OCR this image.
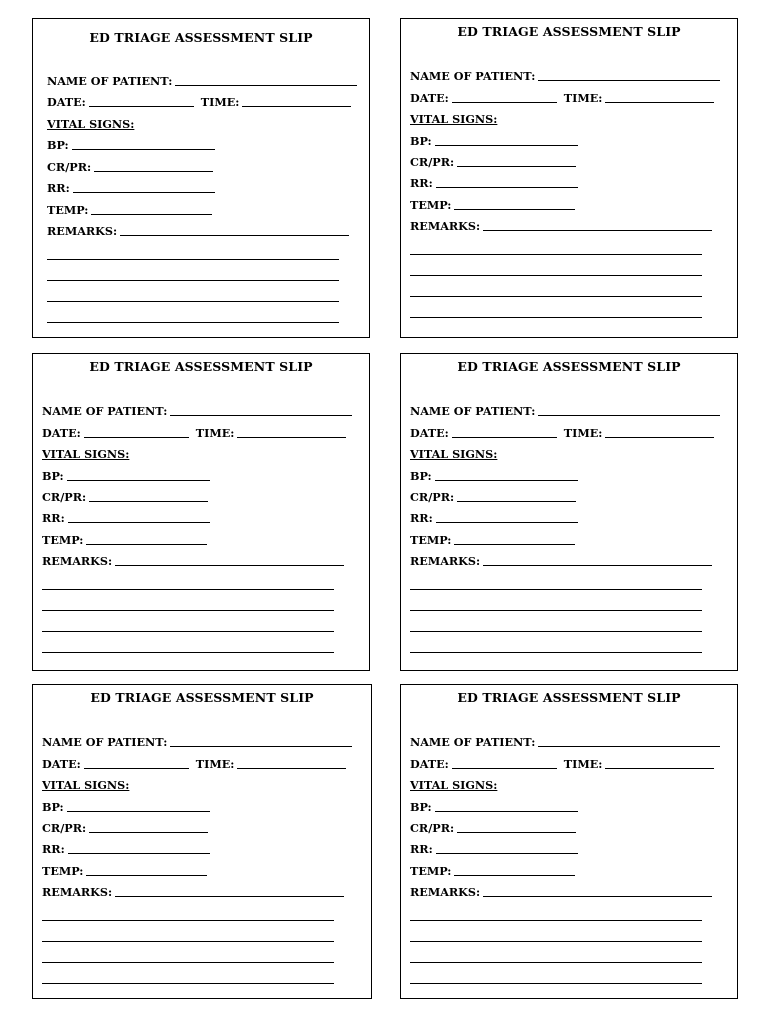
ED TRIAGE ASSESSMENT SLIP
NAME OF PATIENT:
DATE:	TIME:
VITAL SIGNS:
BP:
CR/PR:
RR:
TEMP:
REMARKS:
ED TRIAGE ASSESSMENT SLIP
NAME OF PATIENT:
DATE:	TIME:
VITAL SIGNS:
BP:
CR/PR:
RR:
TEMP:
REMARKS:
ED TRIAGE ASSESSMENT SLIP
NAME OF PATIENT:
DATE:	TIME:
VITAL SIGNS:
BP:
CR/PR:
RR:
TEMP:
REMARKS:
ED TRIAGE ASSESSMENT SLIP
NAME OF PATIENT:
DATE:	TIME:
VITAL SIGNS:
BP:
CR/PR:
RR:
TEMP:
REMARKS:
ED TRIAGE ASSESSMENT SLIP
NAME OF PATIENT:
DATE:	TIME:
VITAL SIGNS:
BP:
CR/PR:
RR:
TEMP:
REMARKS:
ED TRIAGE ASSESSMENT SLIP
NAME OF PATIENT:
DATE:	TIME:
VITAL SIGNS:
BP:
CR/PR:
RR:
TEMP:
REMARKS:
